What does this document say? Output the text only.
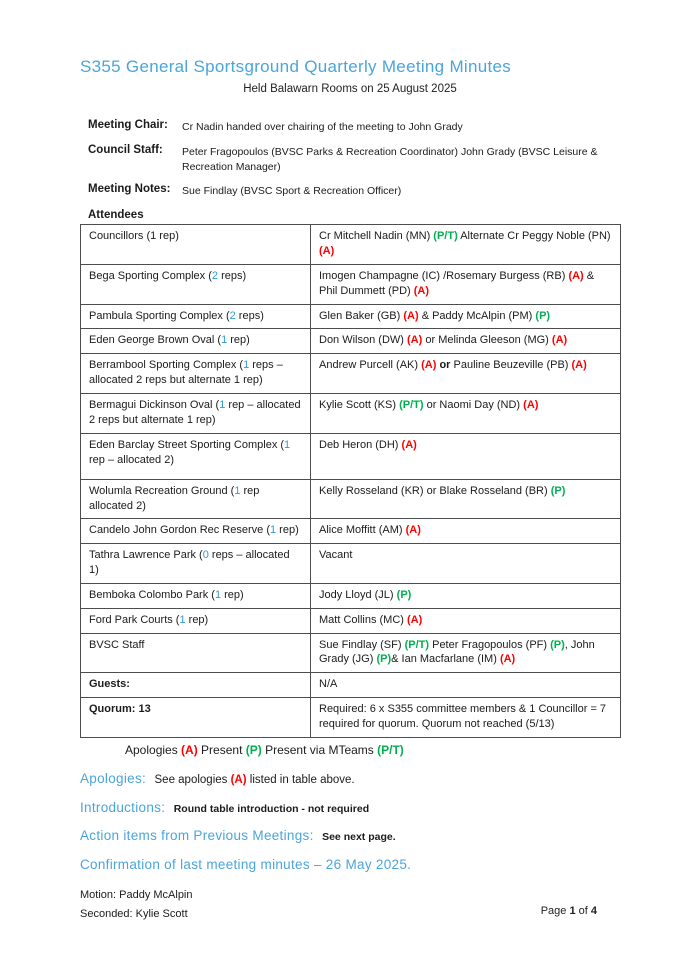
S355 General Sportsground Quarterly Meeting Minutes
Held Balawarn Rooms on 25 August 2025
Meeting Chair:	Cr Nadin handed over chairing of the meeting to John Grady
Council Staff:	Peter Fragopoulos (BVSC Parks & Recreation Coordinator) John Grady (BVSC Leisure & Recreation Manager)
Meeting Notes:	Sue Findlay (BVSC Sport & Recreation Officer)
Attendees
Councillors (1 rep)	Cr Mitchell Nadin (MN) (P/T) Alternate Cr Peggy Noble (PN) (A)
Bega Sporting Complex (2 reps)	Imogen Champagne (IC) /Rosemary Burgess (RB) (A) & Phil Dummett (PD) (A)
Pambula Sporting Complex (2 reps)	Glen Baker (GB) (A) & Paddy McAlpin (PM) (P)
Eden George Brown Oval (1 rep)	Don Wilson (DW) (A) or Melinda Gleeson (MG) (A)
Berrambool Sporting Complex (1 reps – allocated 2 reps but alternate 1 rep)	Andrew Purcell (AK) (A) or Pauline Beuzeville (PB) (A)
Bermagui Dickinson Oval (1 rep – allocated 2 reps but alternate 1 rep)	Kylie Scott (KS) (P/T) or Naomi Day (ND) (A)
Eden Barclay Street Sporting Complex (1 rep – allocated 2)	Deb Heron (DH) (A)
Wolumla Recreation Ground (1 rep allocated 2)	Kelly Rosseland (KR) or Blake Rosseland (BR) (P)
Candelo John Gordon Rec Reserve (1 rep)	Alice Moffitt (AM) (A)
Tathra Lawrence Park (0 reps – allocated 1)	Vacant
Bemboka Colombo Park (1 rep)	Jody Lloyd (JL) (P)
Ford Park Courts (1 rep)	Matt Collins (MC) (A)
BVSC Staff	Sue Findlay (SF) (P/T) Peter Fragopoulos (PF) (P), John Grady (JG) (P)& Ian Macfarlane (IM) (A)
Guests:	N/A
Quorum: 13	Required: 6 x S355 committee members & 1 Councillor = 7 required for quorum. Quorum not reached (5/13)
Apologies (A) Present (P) Present via MTeams (P/T)
Apologies: See apologies (A) listed in table above.
Introductions: Round table introduction - not required
Action items from Previous Meetings: See next page.
Confirmation of last meeting minutes – 26 May 2025.
Motion: Paddy McAlpin
Seconded: Kylie Scott	Page 1 of 4
